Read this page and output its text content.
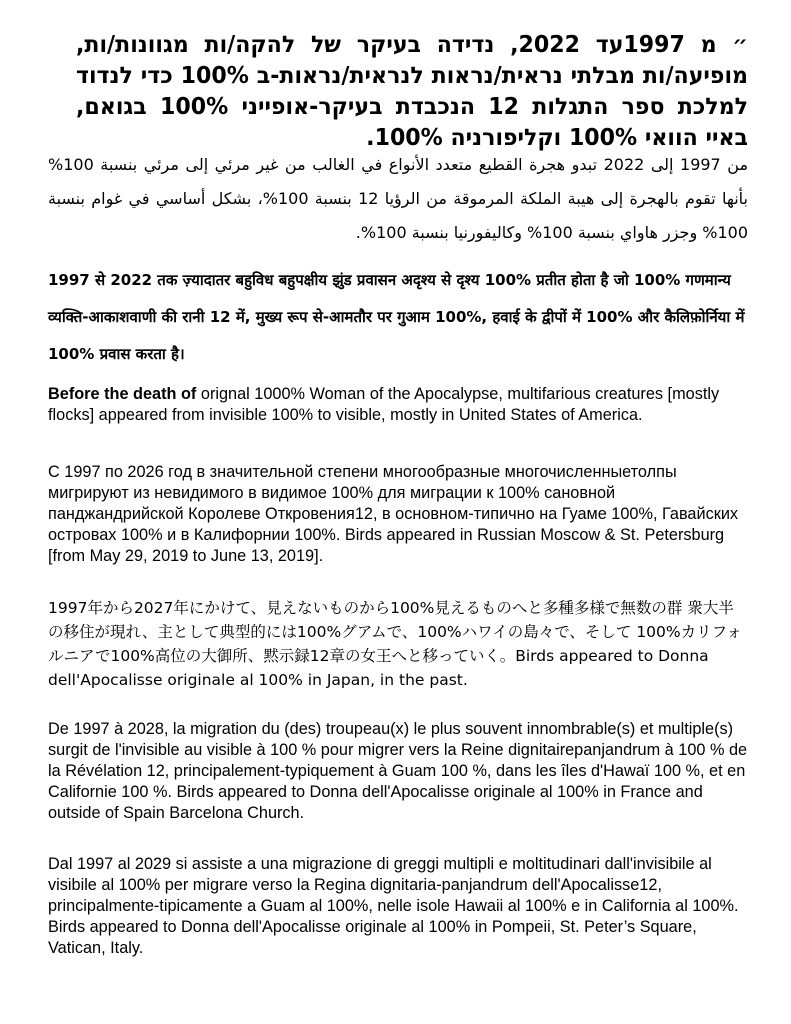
״ מ 1997עד 2022, נדידה בעיקר של להקה/ות מגוונות/ות, מופיעה/ות מבלתי נראית/נראות לנראית/נראות-ב 100% כדי לנדוד למלכת ספר התגלות 12 הנכבדת בעיקר-אופייני 100% בגואם, באיי הוואי 100% וקליפורניה 100%.
من 1997 إلى 2022 تبدو هجرة القطيع متعدد الأنواع في الغالب من غير مرئي إلى مرئي بنسبة 100% بأنها تقوم بالهجرة إلى هيبة الملكة المرموقة من الرؤيا 12 بنسبة 100%، بشكل أساسي في غوام بنسبة 100% وجزر هاواي بنسبة 100% وكاليفورنيا بنسبة 100%.
1997 से 2022 तक ज़्यादातर बहुविध बहुपक्षीय झुंड प्रवासन अदृश्य से दृश्य 100% प्रतीत होता है जो 100% गणमान्य व्यक्ति-आकाशवाणी की रानी 12 में, मुख्य रूप से-आमतौर पर गुआम 100%, हवाई के द्वीपों में 100% और कैलिफ़ोर्निया में 100% प्रवास करता है।
Before the death of orignal 1000% Woman of the Apocalypse, multifarious creatures [mostly flocks] appeared from invisible 100% to visible, mostly in United States of America.
С 1997 по 2026 год в значительной степени многообразные многочисленныетолпы мигрируют из невидимого в видимое 100% для миграции к 100% сановной панджандрийской Королеве Откровения12, в основном-типично на Гуаме 100%, Гавайских островах 100% и в Калифорнии 100%. Birds appeared in Russian Moscow & St. Petersburg [from May 29, 2019 to June 13, 2019].
1997年から2027年にかけて、見えないものから100%見えるものへと多種多様で無数の群 衆大半の移住が現れ、主として典型的には100%グアムで、100%ハワイの島々で、そして 100%カリフォルニアで100%高位の大御所、黙示録12章の女王へと移っていく。Birds appeared to Donna dell'Apocalisse originale al 100% in Japan, in the past.
De 1997 à 2028, la migration du (des) troupeau(x) le plus souvent innombrable(s) et multiple(s) surgit de l'invisible au visible à 100 % pour migrer vers la Reine dignitairepanjandrum à 100 % de la Révélation 12, principalement-typiquement à Guam 100 %, dans les îles d'Hawaï 100 %, et en Californie 100 %. Birds appeared to Donna dell'Apocalisse originale al 100% in France and outside of Spain Barcelona Church.
Dal 1997 al 2029 si assiste a una migrazione di greggi multipli e moltitudinari dall'invisibile al visibile al 100% per migrare verso la Regina dignitaria-panjandrum dell'Apocalisse12, principalmente-tipicamente a Guam al 100%, nelle isole Hawaii al 100% e in California al 100%. Birds appeared to Donna dell'Apocalisse originale al 100% in Pompeii, St. Peter’s Square, Vatican, Italy.
